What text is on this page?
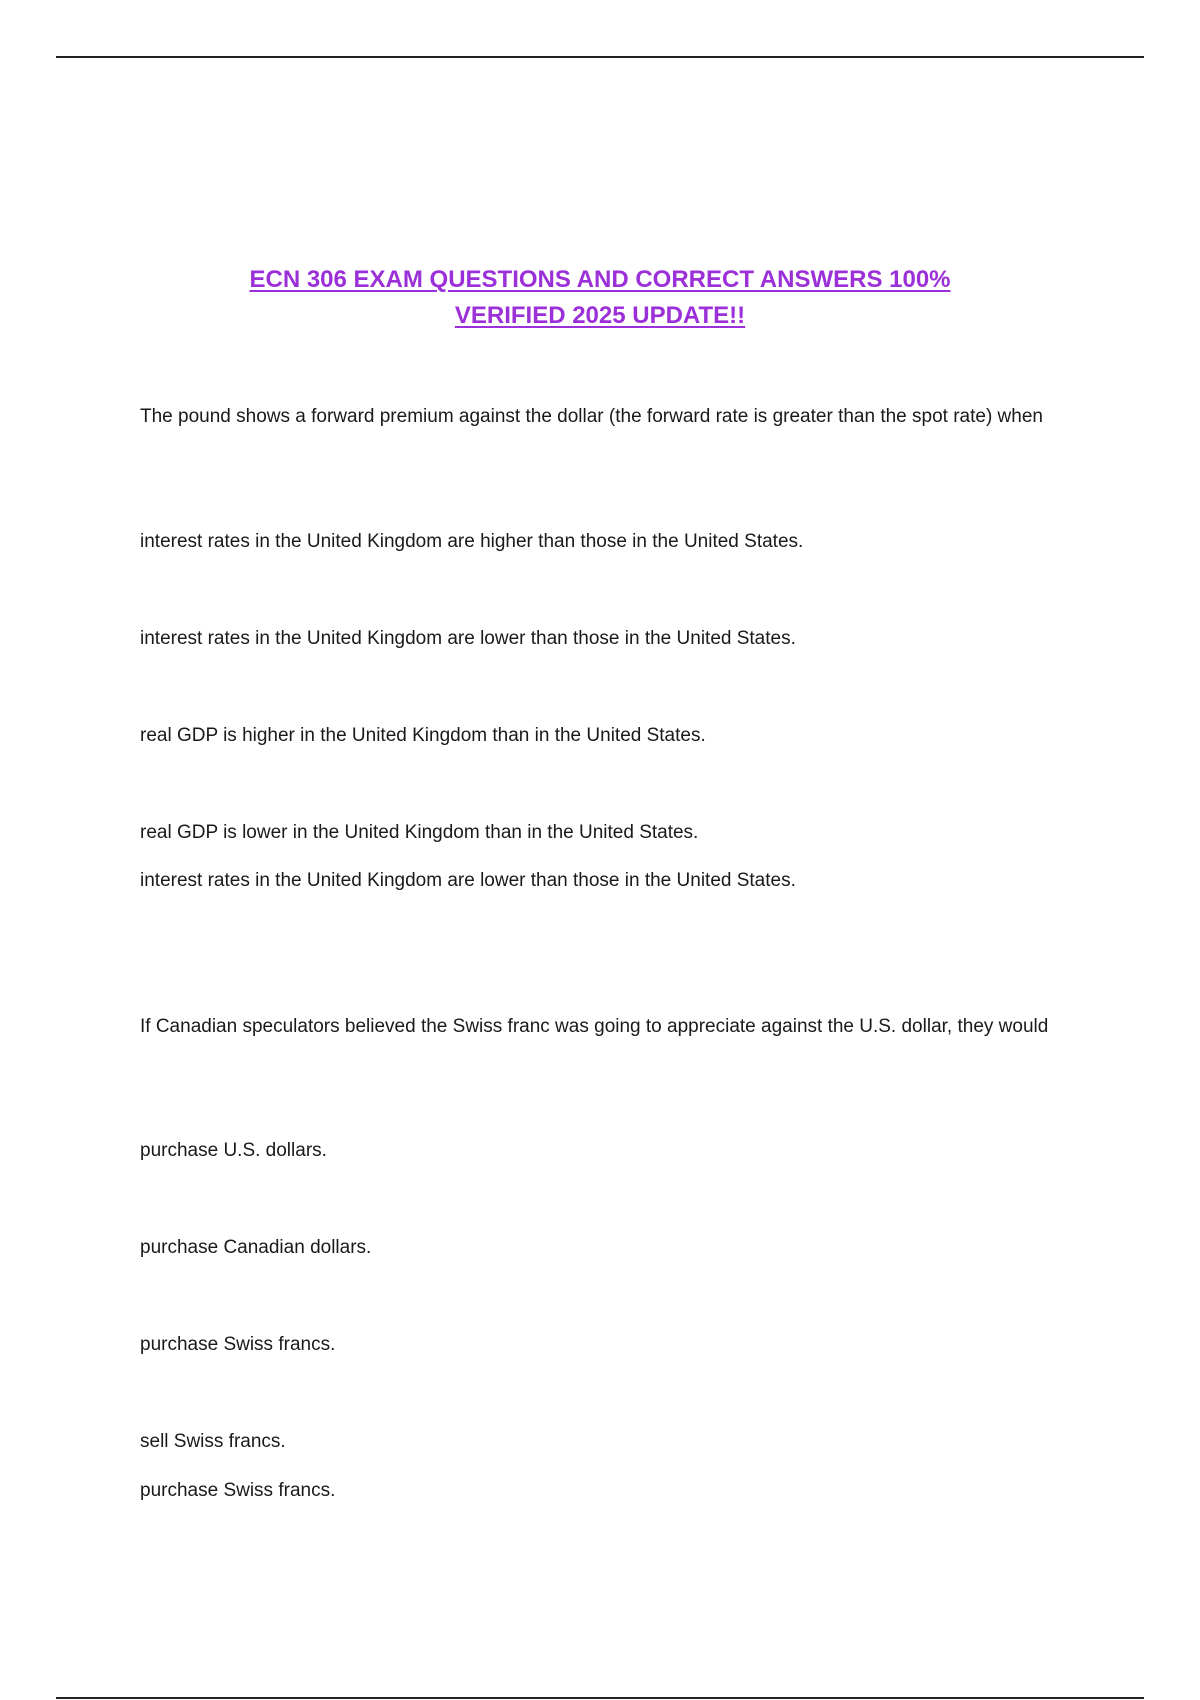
ECN 306 EXAM QUESTIONS AND CORRECT ANSWERS 100%
VERIFIED 2025 UPDATE!!
The pound shows a forward premium against the dollar (the forward rate is greater than the spot rate) when
interest rates in the United Kingdom are higher than those in the United States.
interest rates in the United Kingdom are lower than those in the United States.
real GDP is higher in the United Kingdom than in the United States.
real GDP is lower in the United Kingdom than in the United States.
interest rates in the United Kingdom are lower than those in the United States.
If Canadian speculators believed the Swiss franc was going to appreciate against the U.S. dollar, they would
purchase U.S. dollars.
purchase Canadian dollars.
purchase Swiss francs.
sell Swiss francs.
purchase Swiss francs.
